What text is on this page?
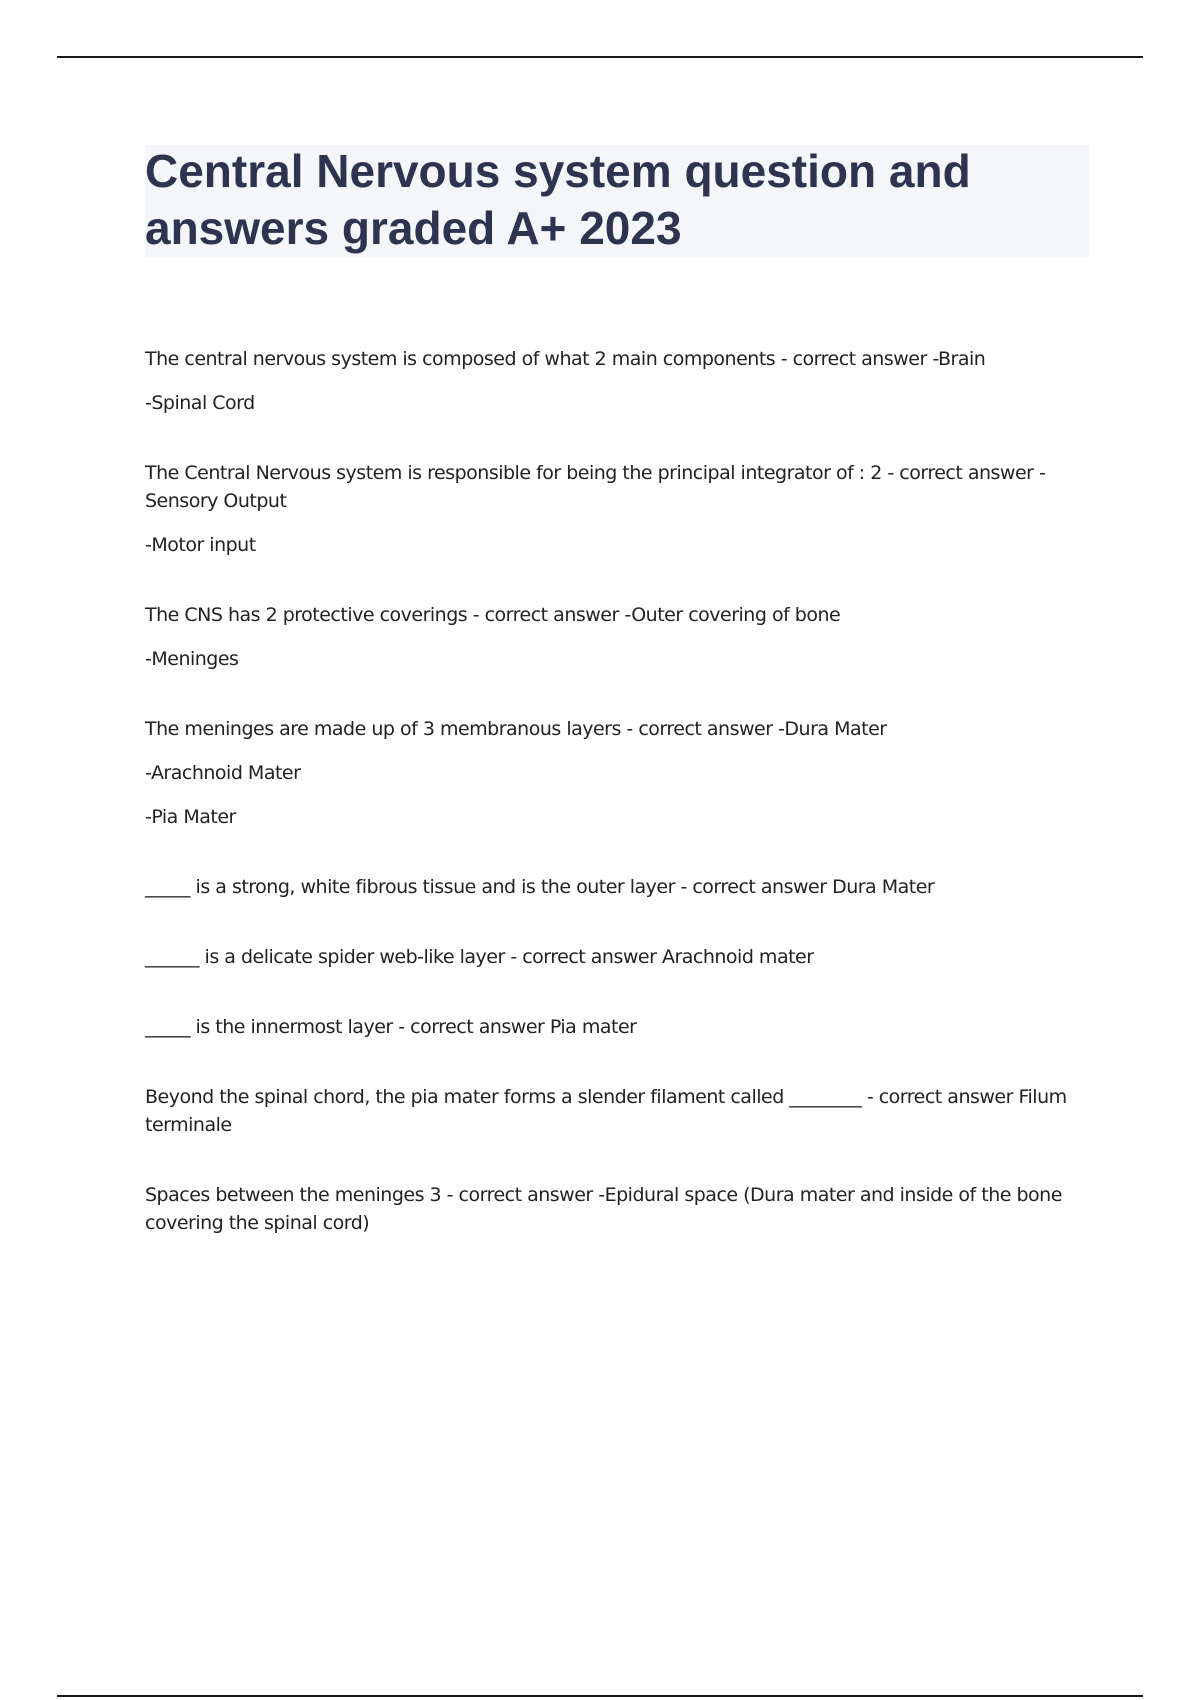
Central Nervous system question and answers graded A+ 2023

The central nervous system is composed of what 2 main components - correct answer -Brain

-Spinal Cord

The Central Nervous system is responsible for being the principal integrator of : 2 - correct answer -Sensory Output

-Motor input

The CNS has 2 protective coverings - correct answer -Outer covering of bone

-Meninges

The meninges are made up of 3 membranous layers - correct answer -Dura Mater

-Arachnoid Mater

-Pia Mater

_____ is a strong, white fibrous tissue and is the outer layer - correct answer Dura Mater

______ is a delicate spider web-like layer - correct answer Arachnoid mater

_____ is the innermost layer - correct answer Pia mater

Beyond the spinal chord, the pia mater forms a slender filament called ________ - correct answer Filum terminale

Spaces between the meninges 3 - correct answer -Epidural space (Dura mater and inside of the bone covering the spinal cord)
